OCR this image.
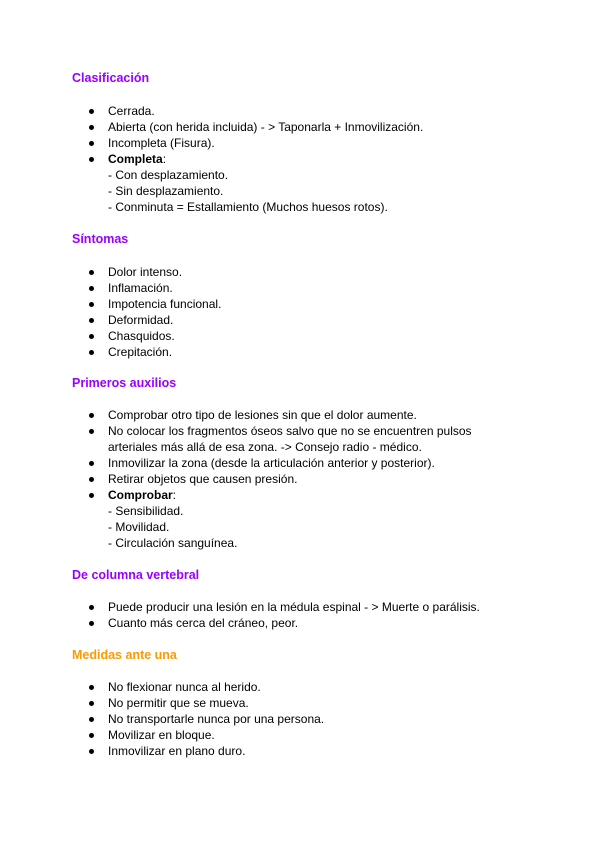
Clasificación
Cerrada.
Abierta (con herida incluida) - > Taponarla + Inmovilización.
Incompleta (Fisura).
Completa:
- Con desplazamiento.
- Sin desplazamiento.
- Conminuta = Estallamiento (Muchos huesos rotos).
Síntomas
Dolor intenso.
Inflamación.
Impotencia funcional.
Deformidad.
Chasquidos.
Crepitación.
Primeros auxilios
Comprobar otro tipo de lesiones sin que el dolor aumente.
No colocar los fragmentos óseos salvo que no se encuentren pulsos
arteriales más allá de esa zona. -> Consejo radio - médico.
Inmovilizar la zona (desde la articulación anterior y posterior).
Retirar objetos que causen presión.
Comprobar:
- Sensibilidad.
- Movilidad.
- Circulación sanguínea.
De columna vertebral
Puede producir una lesión en la médula espinal - > Muerte o parálisis.
Cuanto más cerca del cráneo, peor.
Medidas ante una
No flexionar nunca al herido.
No permitir que se mueva.
No transportarle nunca por una persona.
Movilizar en bloque.
Inmovilizar en plano duro.
